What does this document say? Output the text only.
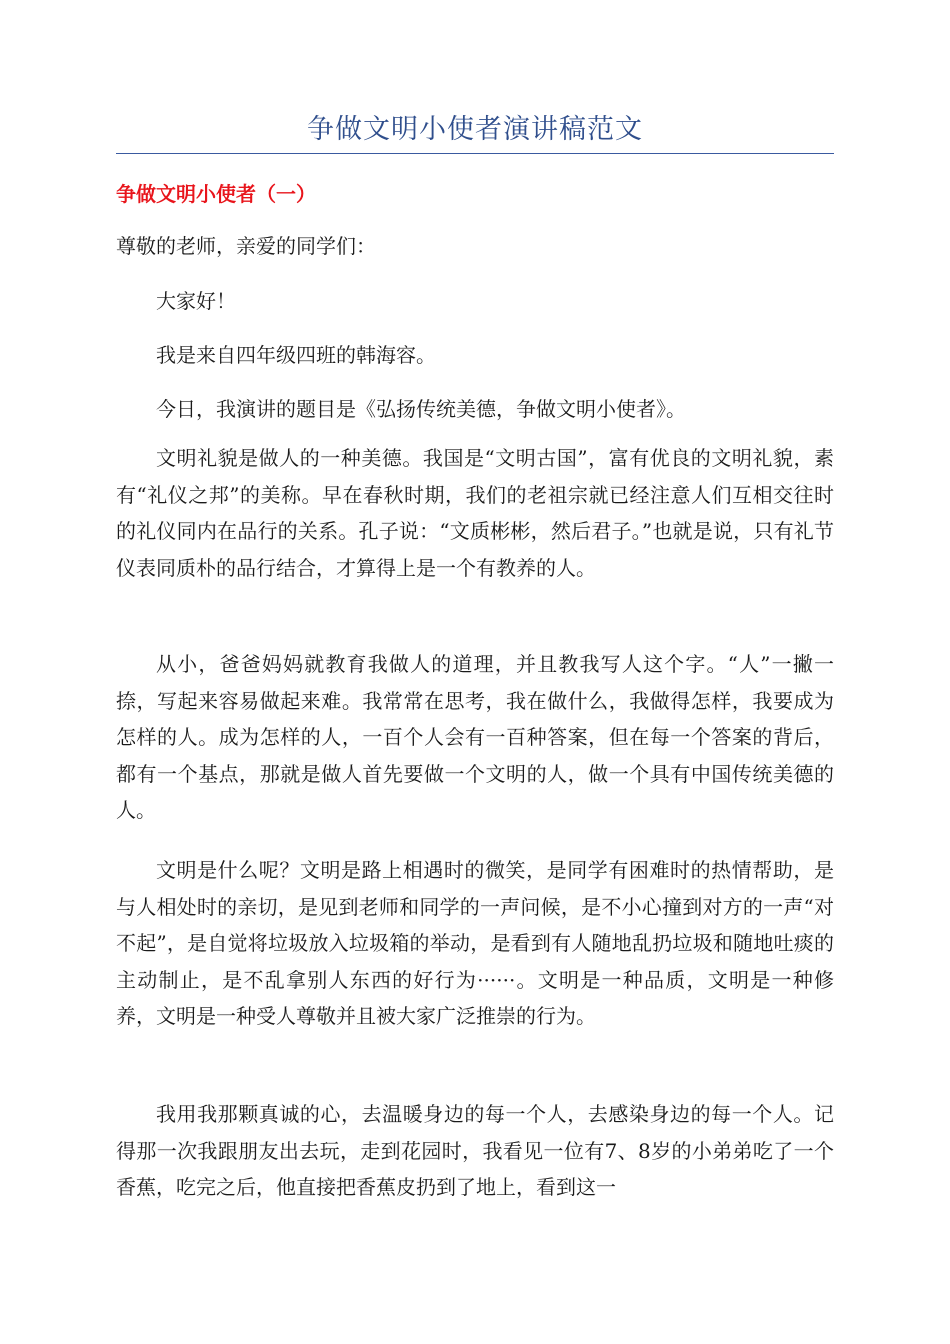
争做文明小使者演讲稿范文
争做文明小使者（一）

尊敬的老师，亲爱的同学们：

大家好！

我是来自四年级四班的韩海容。

今日，我演讲的题目是《弘扬传统美德，争做文明小使者》。

文明礼貌是做人的一种美德。我国是“文明古国”，富有优良的文明礼貌，素有“礼仪之邦”的美称。早在春秋时期，我们的老祖宗就已经注意人们互相交往时的礼仪同内在品行的关系。孔子说：“文质彬彬，然后君子。”也就是说，只有礼节仪表同质朴的品行结合，才算得上是一个有教养的人。

从小，爸爸妈妈就教育我做人的道理，并且教我写人这个字。“人”一撇一捺，写起来容易做起来难。我常常在思考，我在做什么，我做得怎样，我要成为怎样的人。成为怎样的人，一百个人会有一百种答案，但在每一个答案的背后，都有一个基点，那就是做人首先要做一个文明的人，做一个具有中国传统美德的人。

文明是什么呢？文明是路上相遇时的微笑，是同学有困难时的热情帮助，是与人相处时的亲切，是见到老师和同学的一声问候，是不小心撞到对方的一声“对不起”，是自觉将垃圾放入垃圾箱的举动，是看到有人随地乱扔垃圾和随地吐痰的主动制止，是不乱拿别人东西的好行为······。文明是一种品质，文明是一种修养，文明是一种受人尊敬并且被大家广泛推崇的行为。

我用我那颗真诚的心，去温暖身边的每一个人，去感染身边的每一个人。记得那一次我跟朋友出去玩，走到花园时，我看见一位有7、8岁的小弟弟吃了一个香蕉，吃完之后，他直接把香蕉皮扔到了地上，看到这一
